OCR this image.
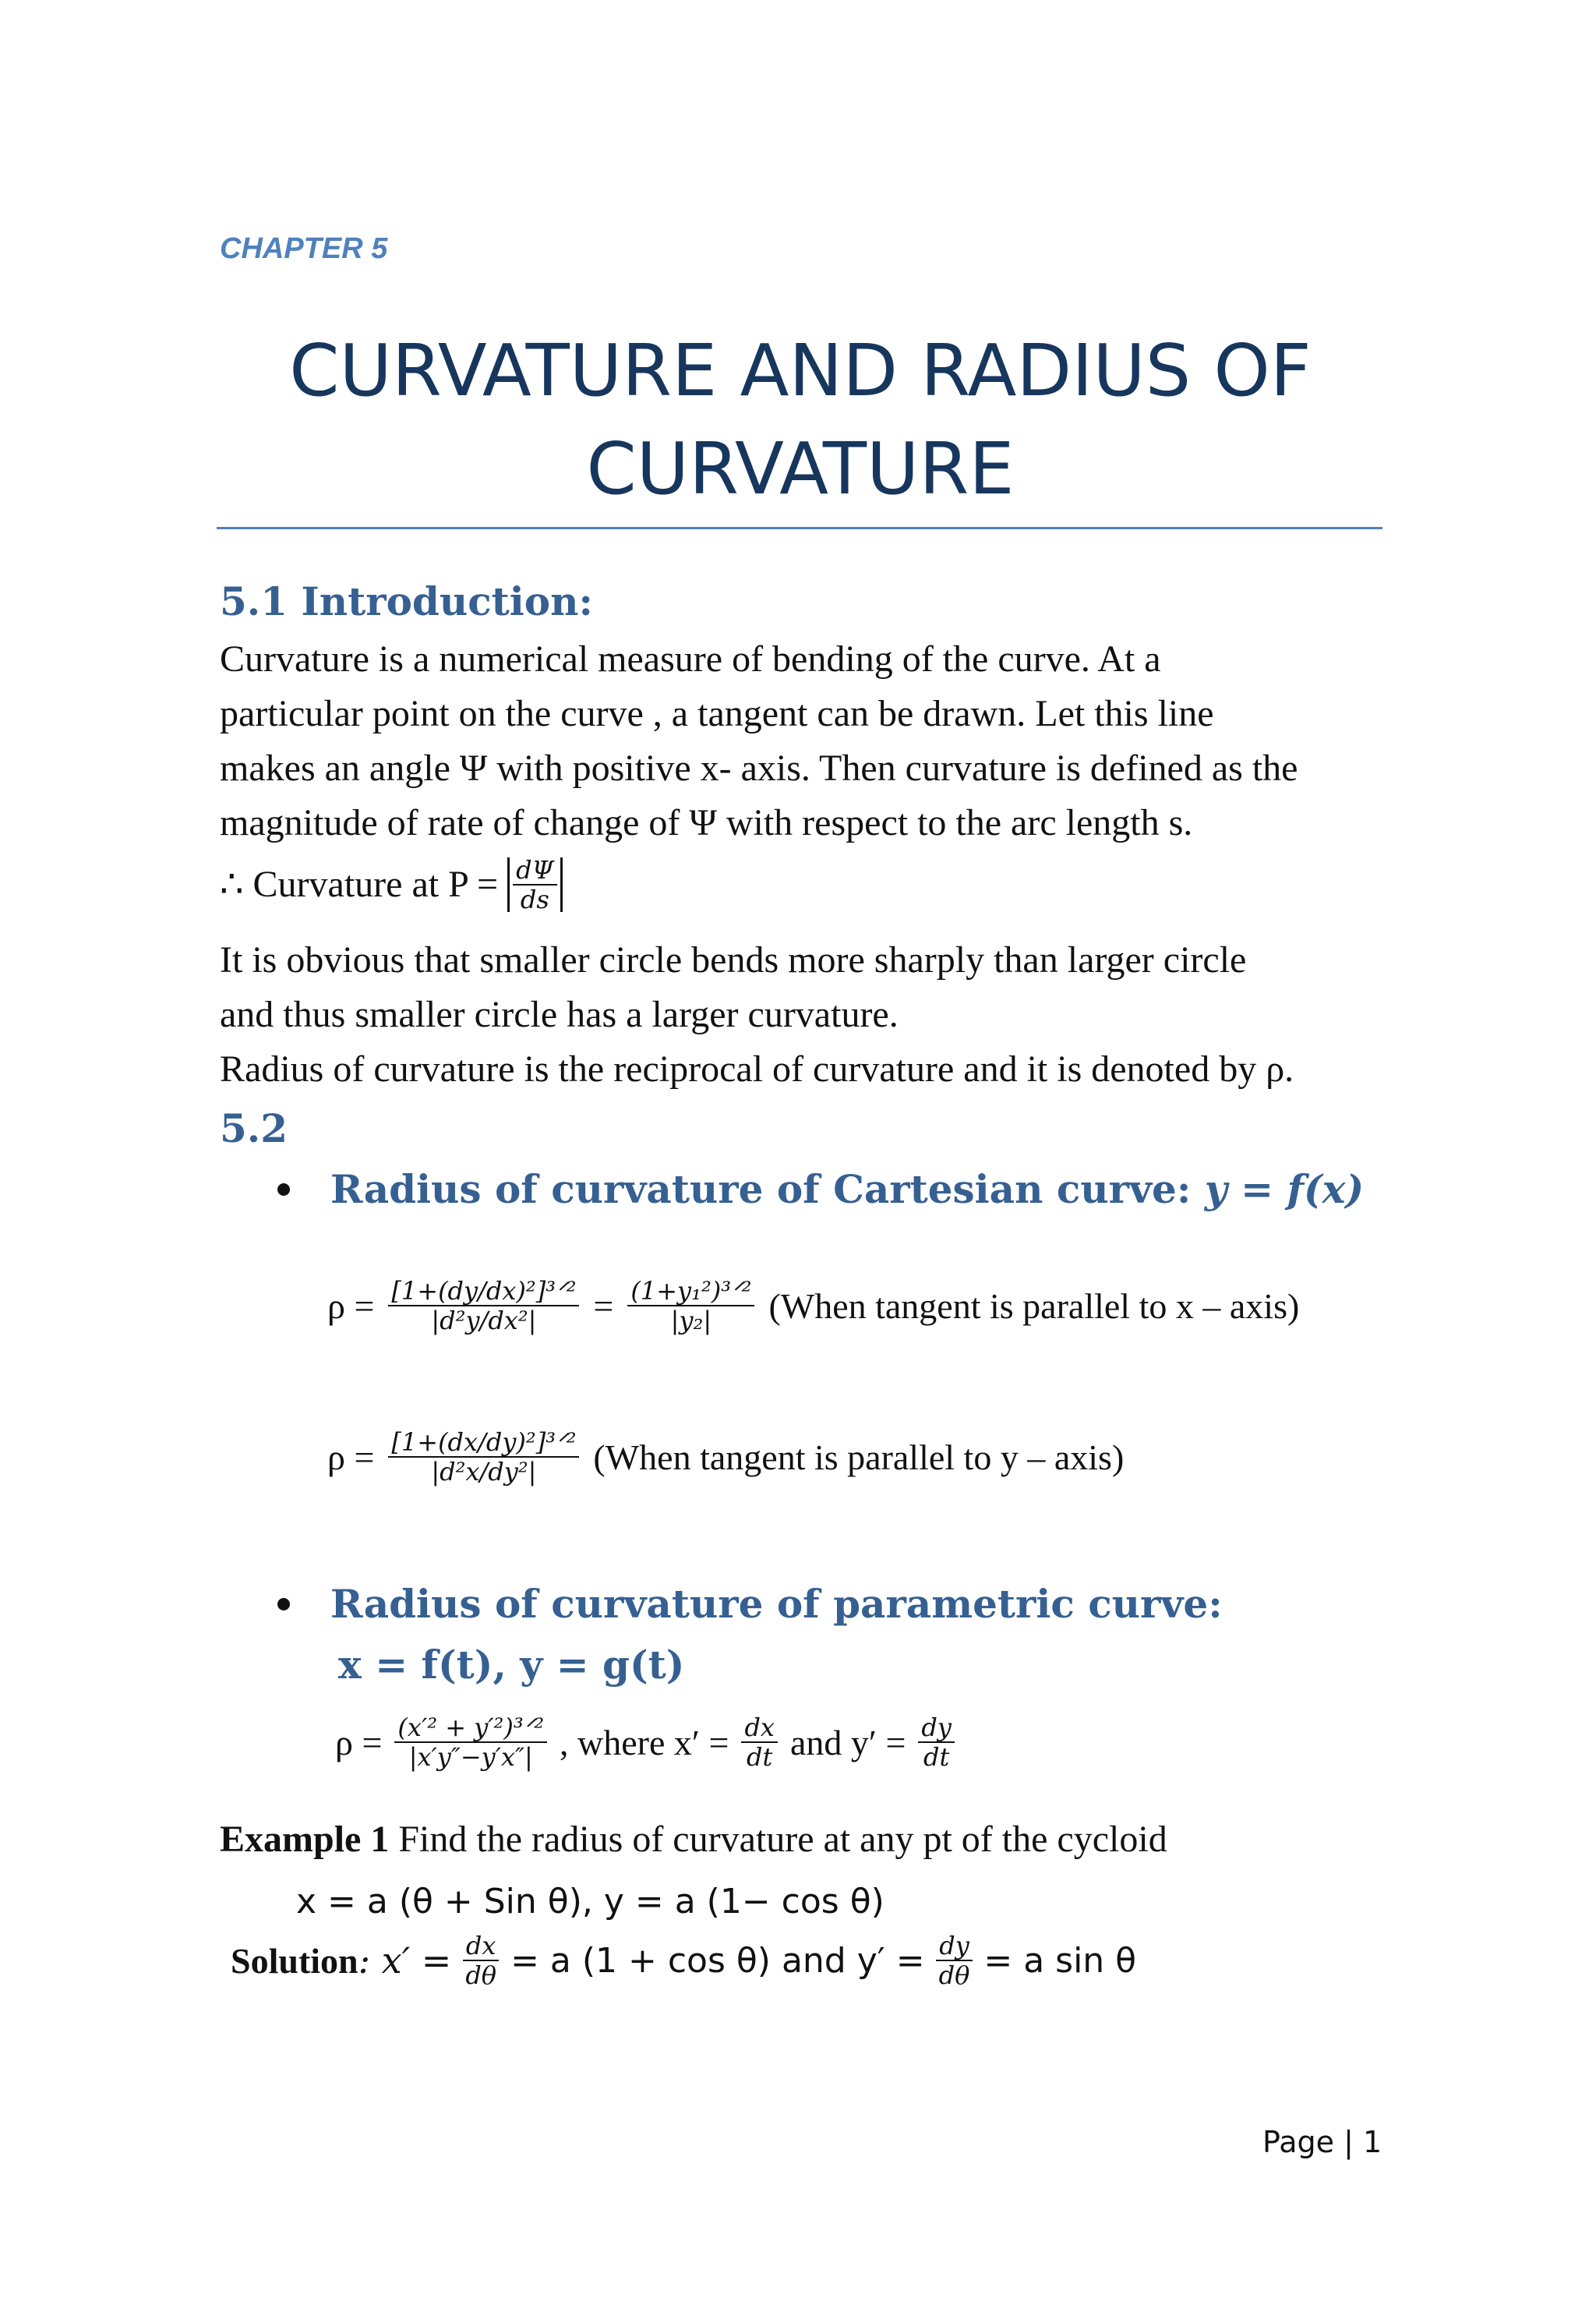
CHAPTER 5
CURVATURE AND RADIUS OF
CURVATURE
5.1 Introduction:
Curvature is a numerical measure of bending of the curve. At a
particular point on the curve , a tangent can be drawn. Let this line
makes an angle Ψ with positive x- axis. Then curvature is defined as the
magnitude of rate of change of Ψ with respect to the arc length s.
∴ Curvature at $P = \frac{d\Psi}{ds}$
It is obvious that smaller circle bends more sharply than larger circle
and thus smaller circle has a larger curvature.
Radius of curvature is the reciprocal of curvature and it is denoted by ρ.
5.2
Radius of curvature of Cartesian curve: y = f(x)
$\rho = \frac{\text{[1+(dy/dx)²]³ᐟ²}}{\text{|d²y/dx²|}} = \frac{\text{(1+y₁²)³ᐟ²}}{\text{|y₂|}}$ (When tangent is parallel to x – axis)
$\rho = \frac{\text{[1+(dx/dy)²]³ᐟ²}}{\text{|d²x/dy²|}}$ (When tangent is parallel to y – axis)
Radius of curvature of parametric curve:
x = f(t), y = g(t)
$\rho = \frac{\text{(x′² + y′²)³ᐟ²}}{|x'y''-y'x''|}$ , where $x' = \frac{dx}{dt}$ and $y' = \frac{dy}{dt}$
Example 1 Find the radius of curvature at any pt of the cycloid
x = a (θ + Sin θ), y = a (1− cos θ)
Solution : $x' = \frac{dx}{d\theta} = a$ (1 + cos θ) and $y' = \frac{dy}{d\theta} = a$ sin θ
Page | 1
